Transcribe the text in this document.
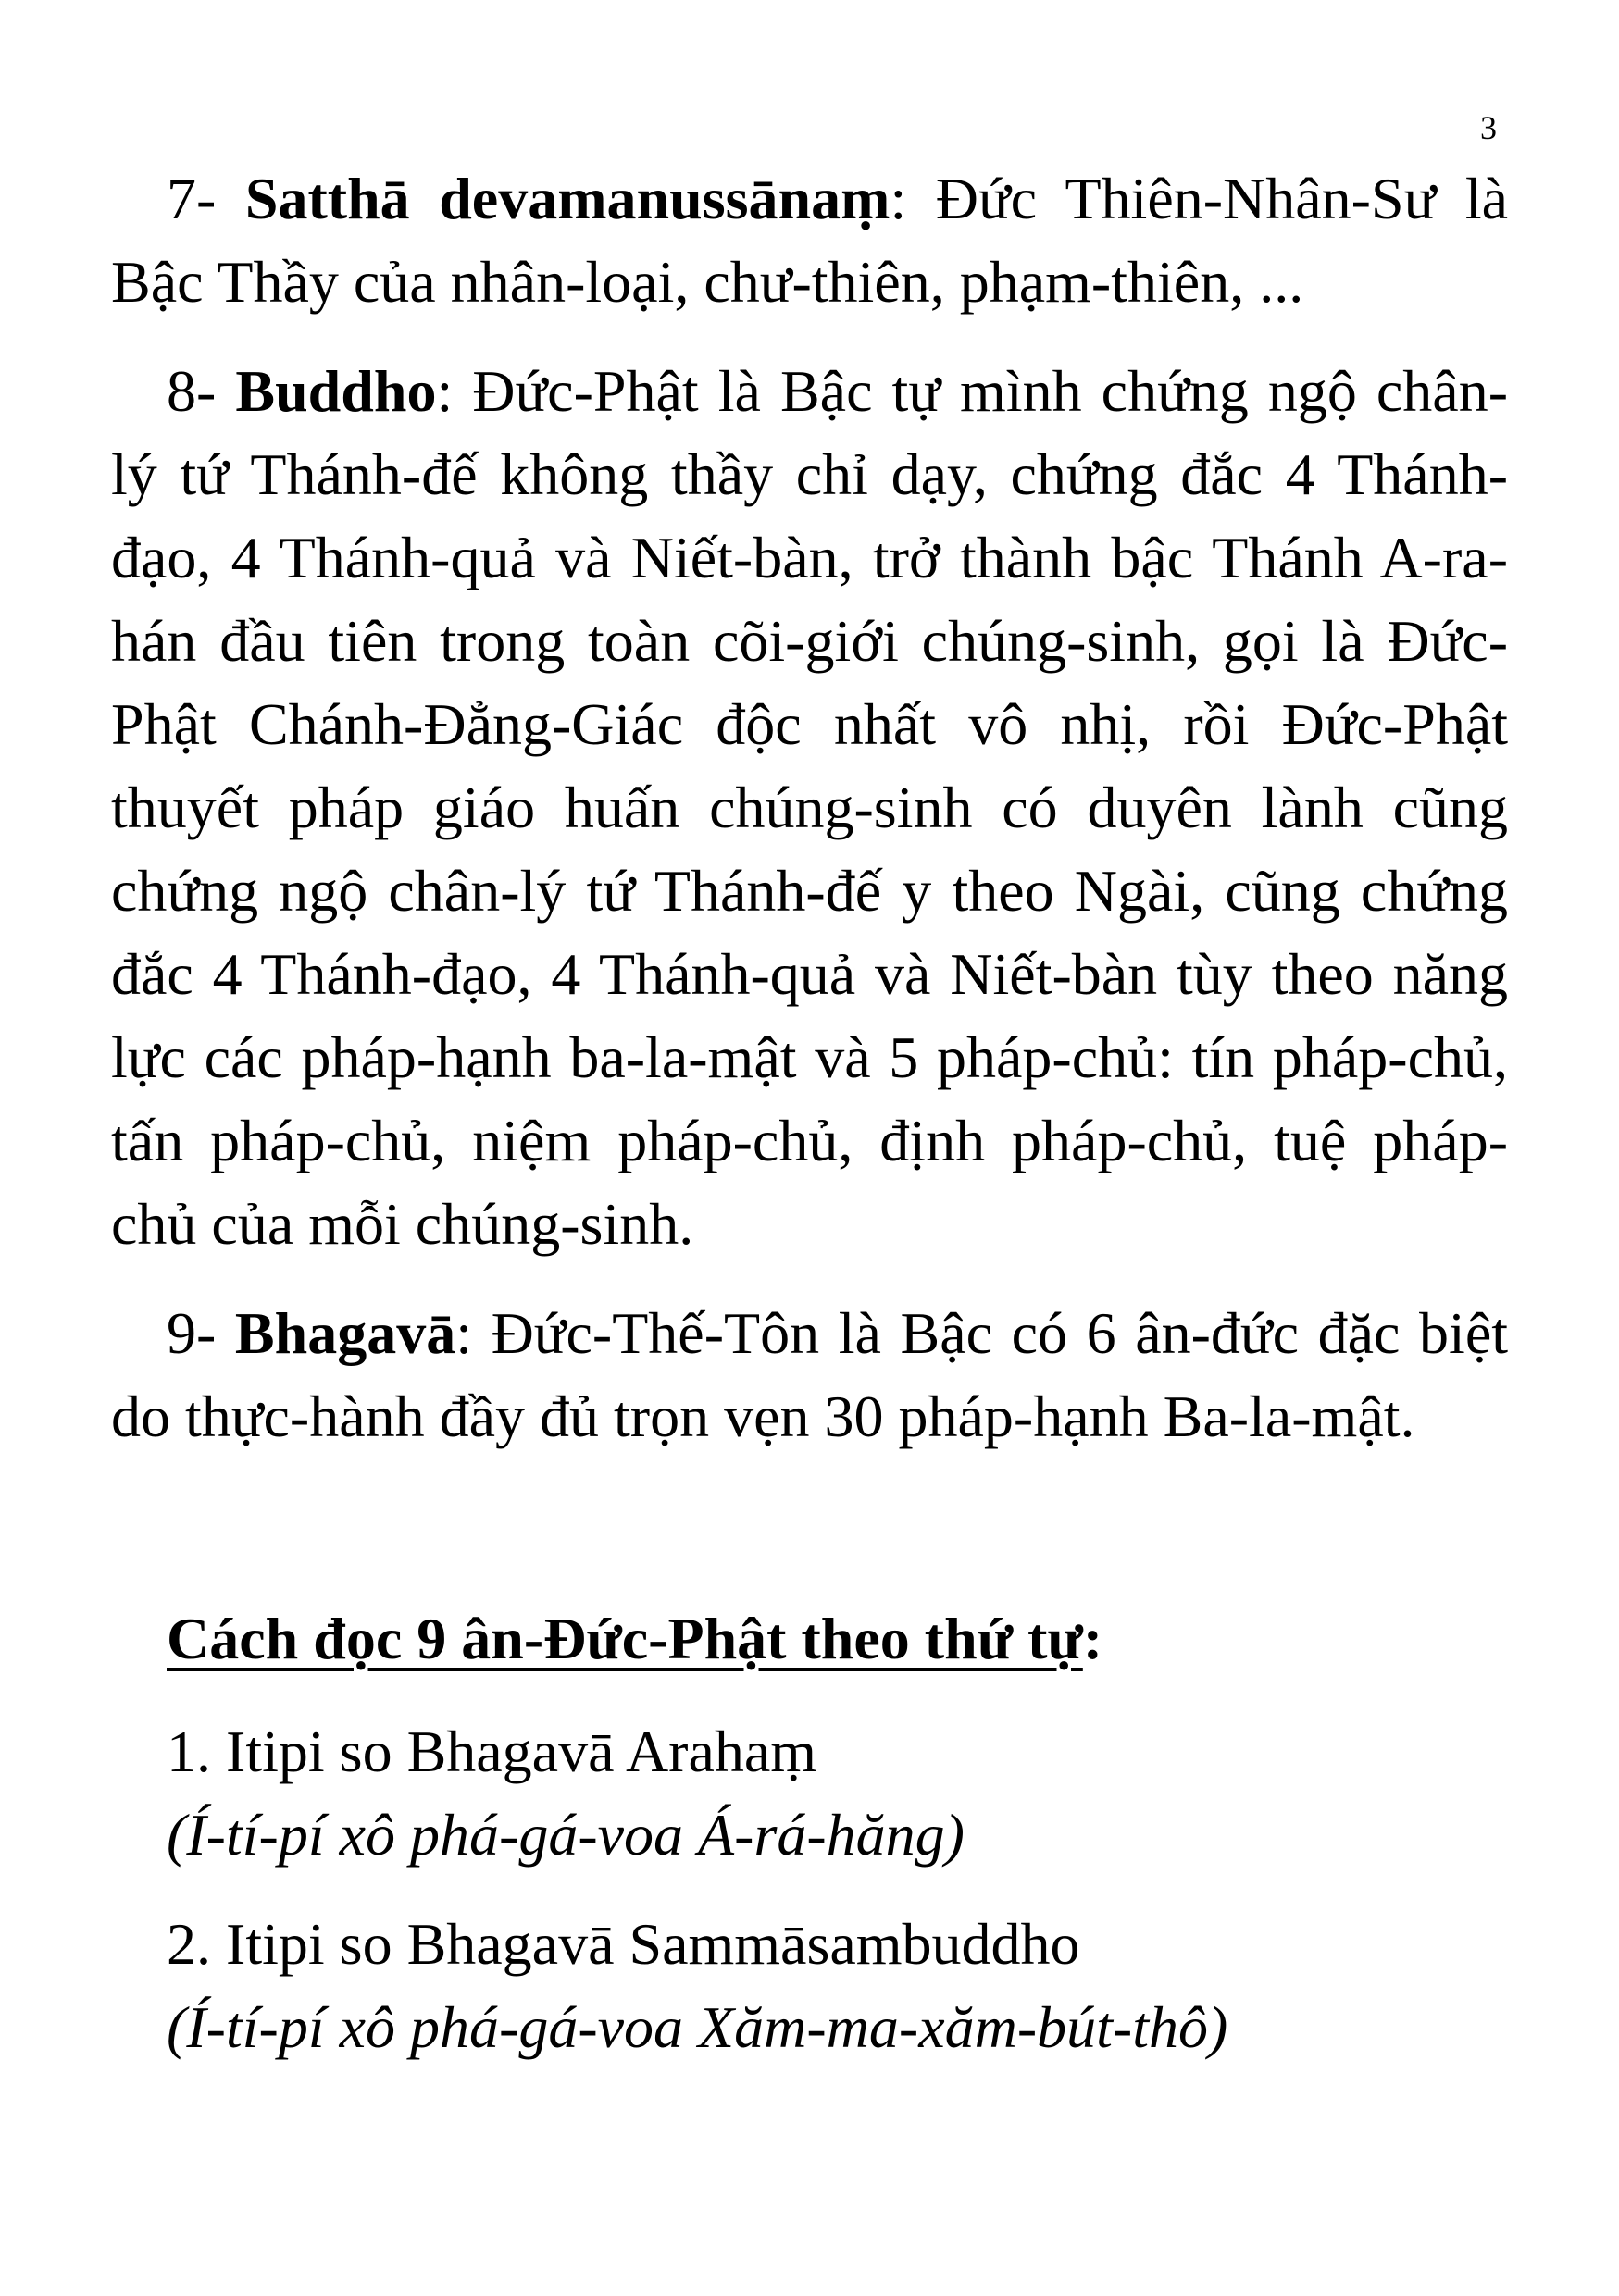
3

7- Satthā devamanussānaṃ: Đức Thiên-Nhân-Sư là Bậc Thầy của nhân-loại, chư-thiên, phạm-thiên, ...

8- Buddho: Đức-Phật là Bậc tự mình chứng ngộ chân-lý tứ Thánh-đế không thầy chỉ dạy, chứng đắc 4 Thánh-đạo, 4 Thánh-quả và Niết-bàn, trở thành bậc Thánh A-ra-hán đầu tiên trong toàn cõi-giới chúng-sinh, gọi là Đức-Phật Chánh-Đẳng-Giác độc nhất vô nhị, rồi Đức-Phật thuyết pháp giáo huấn chúng-sinh có duyên lành cũng chứng ngộ chân-lý tứ Thánh-đế y theo Ngài, cũng chứng đắc 4 Thánh-đạo, 4 Thánh-quả và Niết-bàn tùy theo năng lực các pháp-hạnh ba-la-mật và 5 pháp-chủ: tín pháp-chủ, tấn pháp-chủ, niệm pháp-chủ, định pháp-chủ, tuệ pháp-chủ của mỗi chúng-sinh.

9- Bhagavā: Đức-Thế-Tôn là Bậc có 6 ân-đức đặc biệt do thực-hành đầy đủ trọn vẹn 30 pháp-hạnh Ba-la-mật.

Cách đọc 9 ân-Đức-Phật theo thứ tự:
1. Itipi so Bhagavā Arahaṃ
(Í-tí-pí xô phá-gá-voa Á-rá-hăng)
2. Itipi so Bhagavā Sammāsambuddho
(Í-tí-pí xô phá-gá-voa Xăm-ma-xăm-bút-thô)
